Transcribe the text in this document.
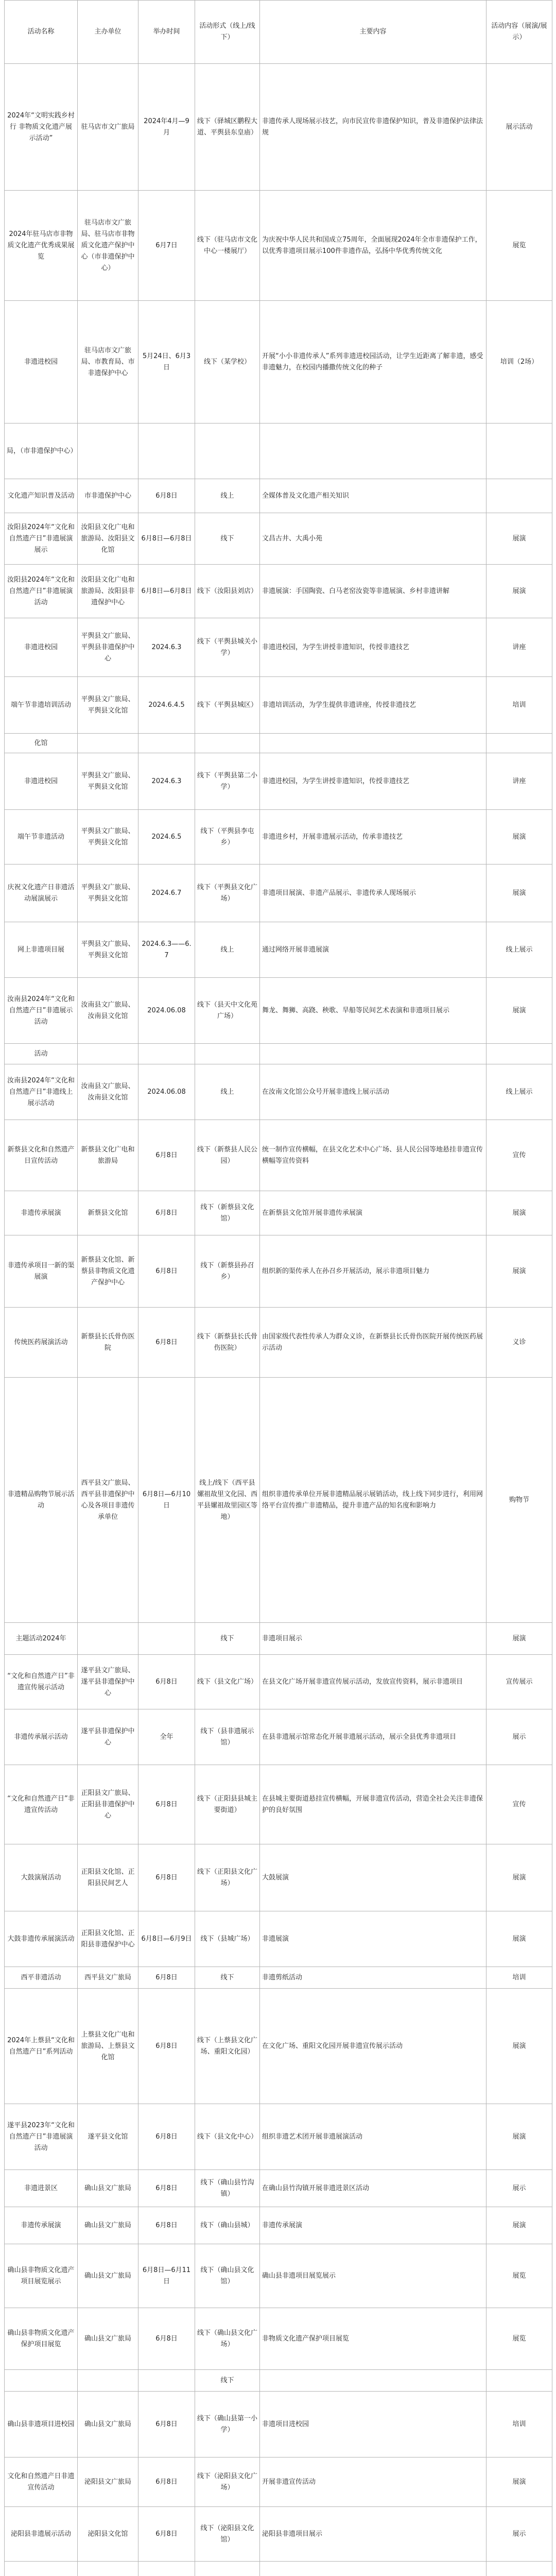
活动名称	主办单位	举办时间	活动形式（线上/线下）	主要内容	活动内容（展演/展示）
2024年“文明实践乡村行 非物质文化遗产展示活动”	驻马店市文广旅局	2024年4月—9月	线下（驿城区鹏程大道、平舆县东皇庙）	非遗传承人现场展示技艺，向市民宣传非遗保护知识，普及非遗保护法律法规	展示活动
2024年驻马店市非物质文化遗产优秀成果展览	驻马店市文广旅局、驻马店市非物质文化遗产保护中心（市非遗保护中心）	6月7日	线下（驻马店市文化中心一楼展厅）	为庆祝中华人民共和国成立75周年，全面展现2024年全市非遗保护工作，以优秀非遗项目展示100件非遗作品，弘扬中华优秀传统文化	展览
非遗进校园	驻马店市文广旅局、市教育局、市非遗保护中心	5月24日、6月3日	线下（某学校）	开展“小小非遗传承人”系列非遗进校园活动，让学生近距离了解非遗，感受非遗魅力，在校园内播撒传统文化的种子	培训（2场）
局，（市非遗保护中心）					
文化遗产知识普及活动	市非遗保护中心	6月8日	线上	全媒体普及文化遗产相关知识	
汝阳县2024年“文化和自然遗产日”非遗展演展示	汝阳县文化广电和旅游局、汝阳县文化馆	6月8日—6月8日	线下	文昌古井、大禹小苑	展演
汝阳县2024年“文化和自然遗产日”非遗展演活动	汝阳县文化广电和旅游局、汝阳县非遗保护中心	6月8日—6月8日	线下（汝阳县刘店）	非遗展演：手国陶瓷、白马老窑汝瓷等非遗展演、乡村非遗讲解	展演
非遗进校园	平舆县文广旅局、平舆县非遗保护中心	2024.6.3	线下（平舆县城关小学）	非遗进校园，为学生讲授非遗知识，传授非遗技艺	讲座
端午节非遗培训活动	平舆县文广旅局、平舆县文化馆	2024.6.4.5	线下（平舆县城区）	非遗培训活动，为学生提供非遗讲座，传授非遗技艺	培训
化馆					
非遗进校园	平舆县文广旅局、平舆县文化馆	2024.6.3	线下（平舆县第二小学）	非遗进校园，为学生讲授非遗知识，传授非遗技艺	讲座
端午节非遗活动	平舆县文广旅局、平舆县文化馆	2024.6.5	线下（平舆县李屯乡）	非遗进乡村，开展非遗展示活动，传承非遗技艺	展演
庆祝文化遗产日非遗活动展演展示	平舆县文广旅局、平舆县文化馆	2024.6.7	线下（平舆县文化广场）	非遗项目展演、非遗产品展示、非遗传承人现场展示	展演
网上非遗项目展	平舆县文广旅局、平舆县文化馆	2024.6.3——6.7	线上	通过网络开展非遗展演	线上展示
汝南县2024年“文化和自然遗产日”非遗展示活动	汝南县文广旅局、汝南县文化馆	2024.06.08	线下（县天中文化苑广场）	舞龙、舞狮、高跷、秧歌、旱船等民间艺术表演和非遗项目展示	展演
活动					
汝南县2024年“文化和自然遗产日”非遗线上展示活动	汝南县文广旅局、汝南县文化馆	2024.06.08	线上	在汝南文化馆公众号开展非遗线上展示活动	线上展示
新蔡县文化和自然遗产日宣传活动	新蔡县文化广电和旅游局	6月8日	线下（新蔡县人民公园）	统一制作宣传横幅，在县文化艺术中心广场、县人民公园等地悬挂非遗宣传横幅等宣传资料	宣传
非遗传承展演	新蔡县文化馆	6月8日	线下（新蔡县文化馆）	在新蔡县文化馆开展非遗传承展演	展演
非遗传承项目一新的渠展演	新蔡县文化馆、新蔡县非物质文化遗产保护中心	6月8日	线下（新蔡县孙召乡）	组织新的渠传承人在孙召乡开展活动，展示非遗项目魅力	展演
传统医药展演活动	新蔡县长氏骨伤医院	6月8日	线下（新蔡县长氏骨伤医院）	由国家级代表性传承人为群众义诊，在新蔡县长氏骨伤医院开展传统医药展示活动	义诊
非遗精品购物节展示活动	西平县文广旅局、西平县非遗保护中心及各项目非遗传承单位	6月8日—6月10日	线上/线下（西平县嫘祖故里文化园、西平县嫘祖故里园区等地）	组织非遗传承单位开展非遗精品展示展销活动，线上线下同步进行，利用网络平台宣传推广非遗精品，提升非遗产品的知名度和影响力	购物节
主题活动2024年			线下	非遗项目展示	展演
“文化和自然遗产日”非遗宣传展示活动	遂平县文广旅局、遂平县非遗保护中心	6月8日	线下（县文化广场）	在县文化广场开展非遗宣传展示活动，发放宣传资料，展示非遗项目	宣传展示
非遗传承展示活动	遂平县非遗保护中心	全年	线下（县非遗展示馆）	在县非遗展示馆常态化开展非遗展示活动，展示全县优秀非遗项目	展示
“文化和自然遗产日”非遗宣传活动	正阳县文广旅局、正阳县非遗保护中心	6月8日	线下（正阳县县城主要街道）	在县城主要街道悬挂宣传横幅，开展非遗宣传活动，营造全社会关注非遗保护的良好氛围	宣传
大鼓演展活动	正阳县文化馆、正阳县民间艺人	6月8日	线下（正阳县文化广场）	大鼓展演	展演
大鼓非遗传承展演活动	正阳县文化馆、正阳县非遗保护中心	6月8日—6月9日	线下（县城广场）	非遗展演	展演
西平非遗活动	西平县文广旅局	6月8日	线下	非遗剪纸活动	培训
2024年上蔡县“文化和自然遗产日”系列活动	上蔡县文化广电和旅游局、上蔡县文化馆	6月8日	线下（上蔡县文化广场、重阳文化园）	在文化广场、重阳文化园开展非遗宣传展示活动	展演
遂平县2023年“文化和自然遗产日”非遗展演活动	遂平县文化馆	6月8日	线下（县文化中心）	组织非遗艺术团开展非遗展演活动	展演
非遗进景区	确山县文广旅局	6月8日	线下（确山县竹沟镇）	在确山县竹沟镇开展非遗进景区活动	展示
非遗传承展演	确山县文广旅局	6月8日	线下（确山县城）	非遗传承展演	展演
确山县非物质文化遗产项目展览展示	确山县文广旅局	6月8日—6月11日	线下（确山县文化馆）	确山县非遗项目展览展示	展览
确山县非物质文化遗产保护项目展览	确山县文广旅局	6月8日	线下（确山县文化广场）	非物质文化遗产保护项目展览	展览
			线下		
确山县非遗项目进校园	确山县文广旅局	6月8日	线下（确山县第一小学）	非遗项目进校园	培训
文化和自然遗产日非遗宣传活动	泌阳县文广旅局	6月8日	线下（泌阳县文化广场）	开展非遗宣传活动	展演
泌阳县非遗展示活动	泌阳县文化馆	6月8日	线下（泌阳县文化馆）	泌阳县非遗项目展示	展示
